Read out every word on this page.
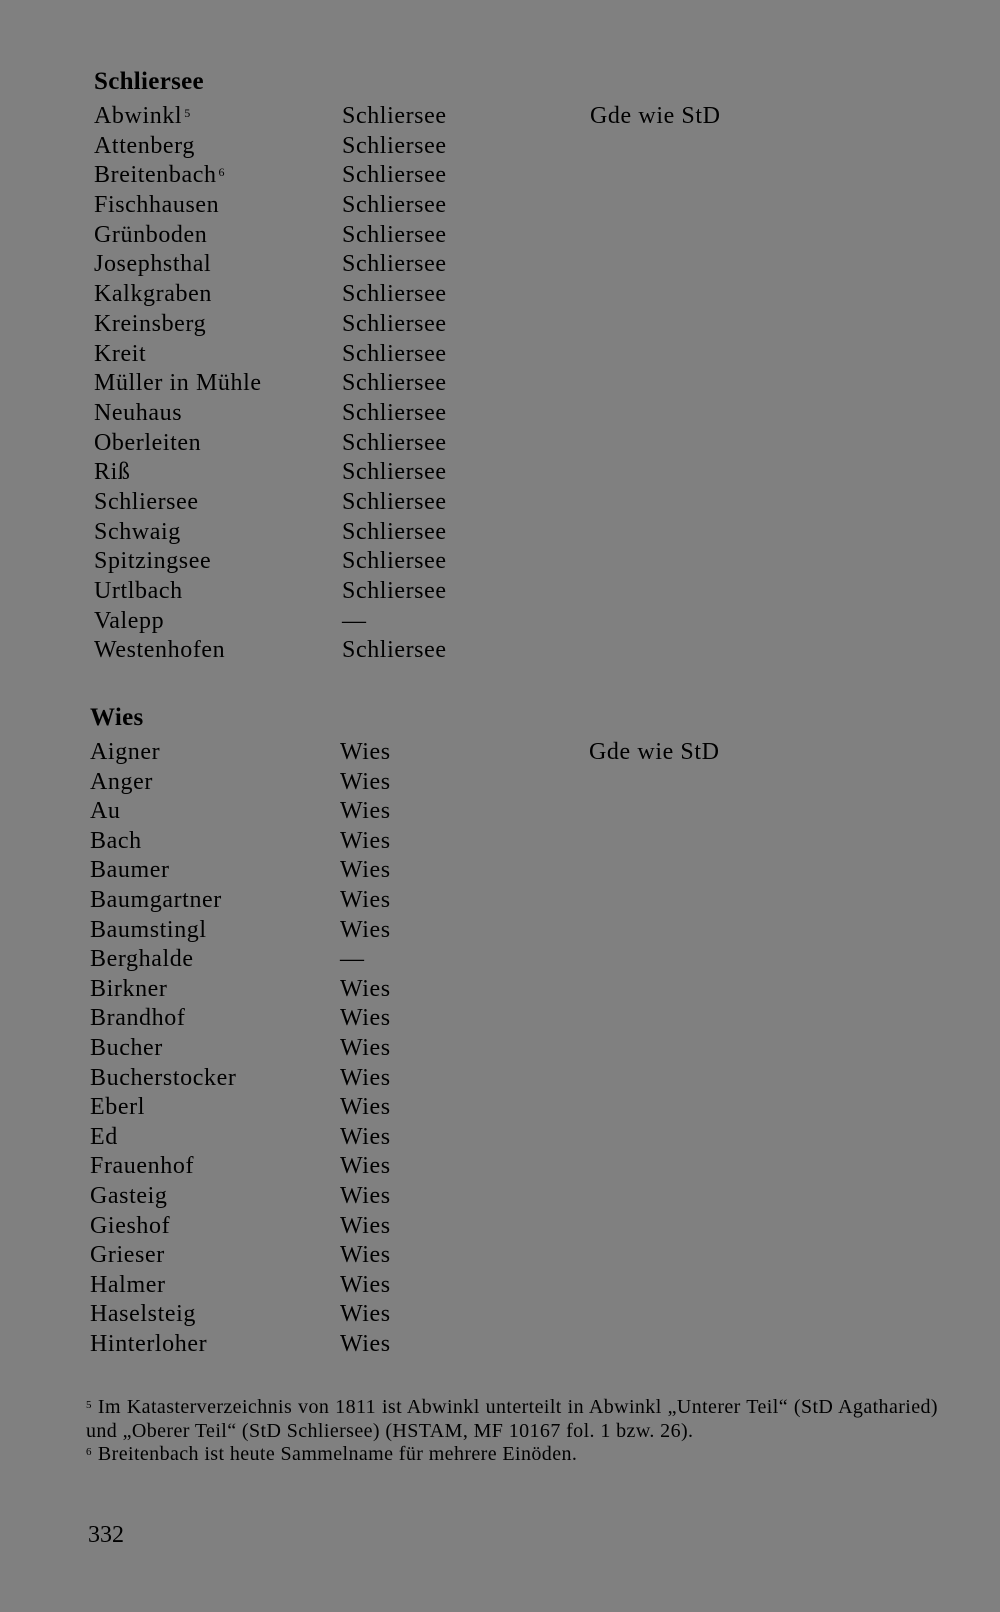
Schliersee
Abwinkl $^5$	Schliersee	Gde wie StD
Attenberg	Schliersee
Breitenbach $^6$	Schliersee
Fischhausen	Schliersee
Grünboden	Schliersee
Josephsthal	Schliersee
Kalkgraben	Schliersee
Kreinsberg	Schliersee
Kreit	Schliersee
Müller in Mühle	Schliersee
Neuhaus	Schliersee
Oberleiten	Schliersee
Riß	Schliersee
Schliersee	Schliersee
Schwaig	Schliersee
Spitzingsee	Schliersee
Urtlbach	Schliersee
Valepp	—
Westenhofen	Schliersee
Wies
Aigner	Wies	Gde wie StD
Anger	Wies
Au	Wies
Bach	Wies
Baumer	Wies
Baumgartner	Wies
Baumstingl	Wies
Berghalde	—
Birkner	Wies
Brandhof	Wies
Bucher	Wies
Bucherstocker	Wies
Eberl	Wies
Ed	Wies
Frauenhof	Wies
Gasteig	Wies
Gieshof	Wies
Grieser	Wies
Halmer	Wies
Haselsteig	Wies
Hinterloher	Wies
$^5$ Im Katasterverzeichnis von 1811 ist Abwinkl unterteilt in Abwinkl „Unterer Teil“ (StD Agatharied) und „Oberer Teil“ (StD Schliersee) (HSTAM, MF 10167 fol. 1 bzw. 26).
$^6$ Breitenbach ist heute Sammelname für mehrere Einöden.
332
